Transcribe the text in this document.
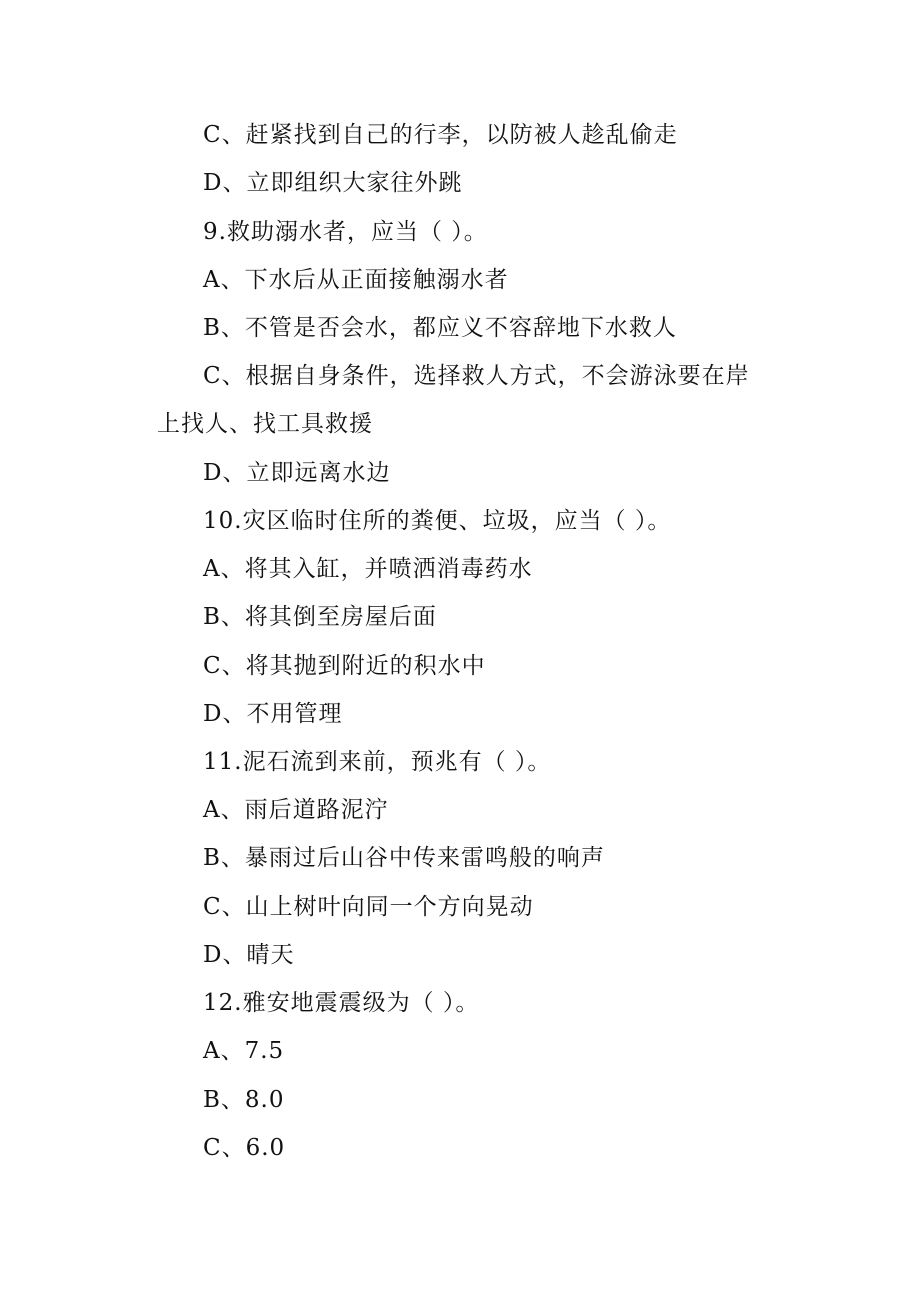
C、赶紧找到自己的行李，以防被人趁乱偷走
D、立即组织大家往外跳
9.救助溺水者，应当（ ）。
A、下水后从正面接触溺水者
B、不管是否会水，都应义不容辞地下水救人
C、根据自身条件，选择救人方式，不会游泳要在岸
上找人、找工具救援
D、立即远离水边
10.灾区临时住所的粪便、垃圾，应当（ ）。
A、将其入缸，并喷洒消毒药水
B、将其倒至房屋后面
C、将其抛到附近的积水中
D、不用管理
11.泥石流到来前，预兆有（ ）。
A、雨后道路泥泞
B、暴雨过后山谷中传来雷鸣般的响声
C、山上树叶向同一个方向晃动
D、晴天
12.雅安地震震级为（ ）。
A、7.5
B、8.0
C、6.0
